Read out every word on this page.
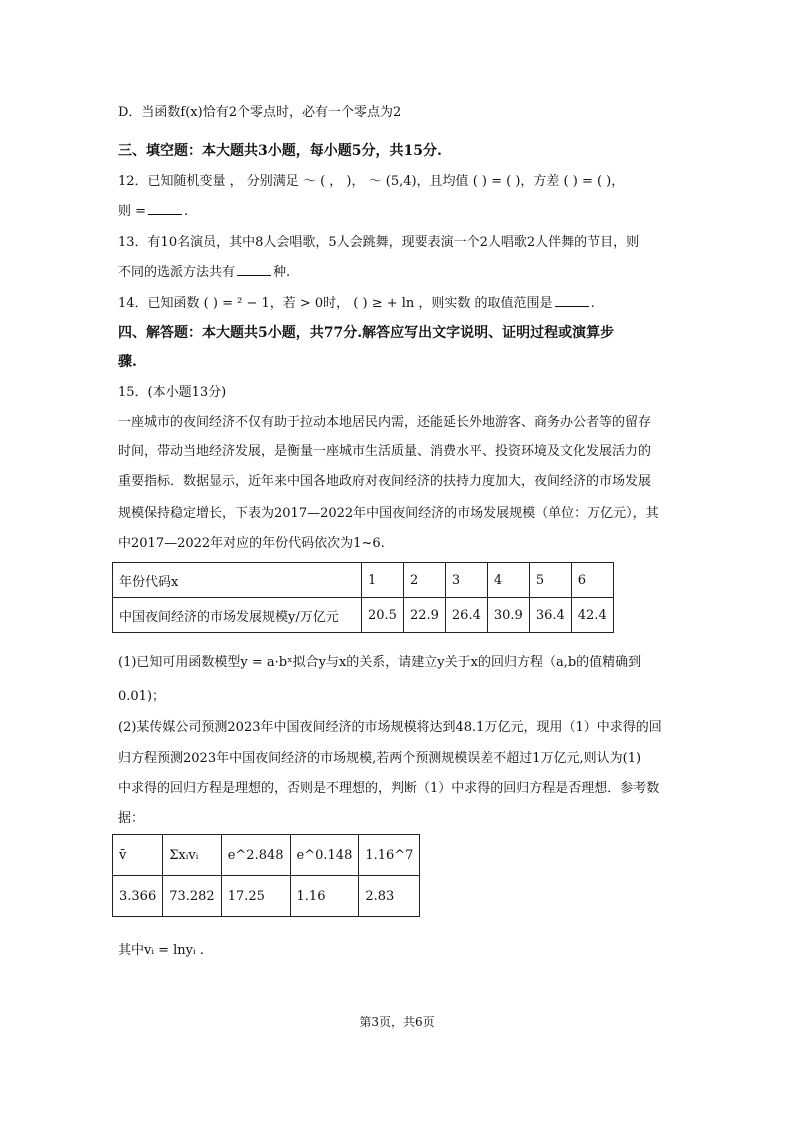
D．当函数f(x)恰有2个零点时，必有一个零点为2
三、填空题：本大题共3小题，每小题5分，共15分.
12．已知随机变量 ， 分别满足 ～ ( ， )， ～ (5,4)，且均值 ( ) = ( )，方差 ( ) = ( )，
则 =	.
13．有10名演员，其中8人会唱歌，5人会跳舞，现要表演一个2人唱歌2人伴舞的节目，则
不同的选派方法共有	种.
14．已知函数 ( ) = ² − 1，若 > 0时， ( ) ≥ + ln ，则实数 的取值范围是	.
四、解答题：本大题共5小题，共77分.解答应写出文字说明、证明过程或演算步
骤.
15．(本小题13分)
一座城市的夜间经济不仅有助于拉动本地居民内需，还能延长外地游客、商务办公者等的留存
时间，带动当地经济发展，是衡量一座城市生活质量、消费水平、投资环境及文化发展活力的
重要指标．数据显示，近年来中国各地政府对夜间经济的扶持力度加大，夜间经济的市场发展
规模保持稳定增长，下表为2017—2022年中国夜间经济的市场发展规模（单位：万亿元），其
中2017—2022年对应的年份代码依次为1~6.
年份代码x	1	2	3	4	5	6
中国夜间经济的市场发展规模y/万亿元	20.5	22.9	26.4	30.9	36.4	42.4
(1)已知可用函数模型y = a·bˣ拟合y与x的关系，请建立y关于x的回归方程（a,b的值精确到
0.01)；
(2)某传媒公司预测2023年中国夜间经济的市场规模将达到48.1万亿元，现用（1）中求得的回
归方程预测2023年中国夜间经济的市场规模,若两个预测规模误差不超过1万亿元,则认为(1)
中求得的回归方程是理想的，否则是不理想的，判断（1）中求得的回归方程是否理想．参考数
据：
v̄	Σxᵢvᵢ	e^2.848	e^0.148	1.16^7
3.366	73.282	17.25	1.16	2.83
其中vᵢ = lnyᵢ .
第3页，共6页
